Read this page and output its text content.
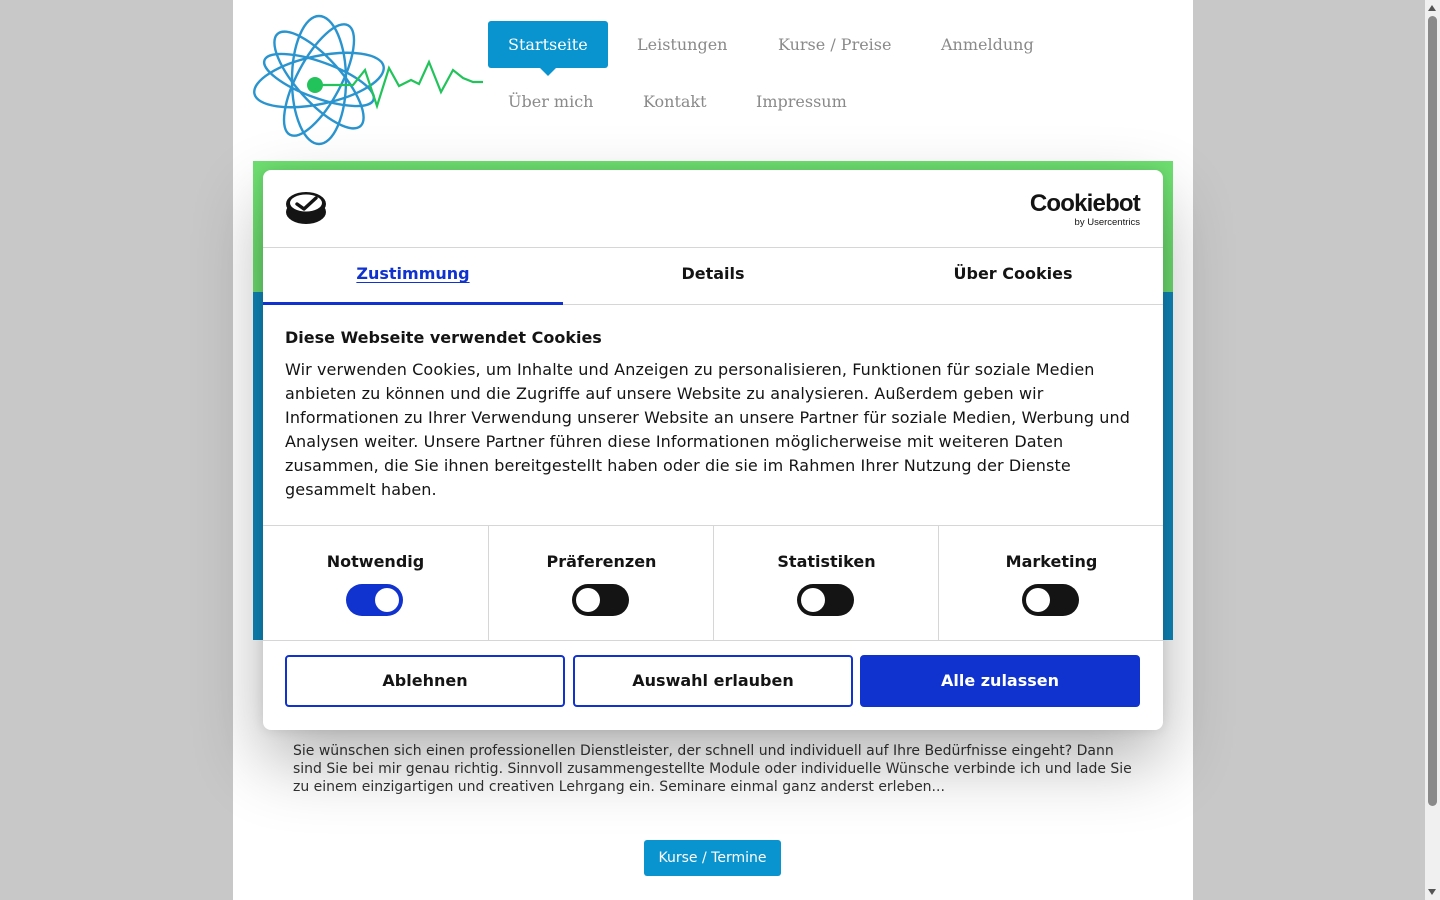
Startseite	Leistungen	Kurse / Preise	Anmeldung
Über mich	Kontakt	Impressum
Sie wünschen sich einen professionellen Dienstleister, der schnell und individuell auf Ihre Bedürfnisse eingeht? Dann sind Sie bei mir genau richtig. Sinnvoll zusammengestellte Module oder individuelle Wünsche verbinde ich und lade Sie zu einem einzigartigen und creativen Lehrgang ein. Seminare einmal ganz anderst erleben...
Kurse / Termine
Cookiebot
by Usercentrics
Zustimmung	Details	Über Cookies
Diese Webseite verwendet Cookies
Wir verwenden Cookies, um Inhalte und Anzeigen zu personalisieren, Funktionen für soziale Medien anbieten zu können und die Zugriffe auf unsere Website zu analysieren. Außerdem geben wir Informationen zu Ihrer Verwendung unserer Website an unsere Partner für soziale Medien, Werbung und Analysen weiter. Unsere Partner führen diese Informationen möglicherweise mit weiteren Daten zusammen, die Sie ihnen bereitgestellt haben oder die sie im Rahmen Ihrer Nutzung der Dienste gesammelt haben.
Notwendig	Präferenzen	Statistiken	Marketing
Ablehnen	Auswahl erlauben	Alle zulassen
